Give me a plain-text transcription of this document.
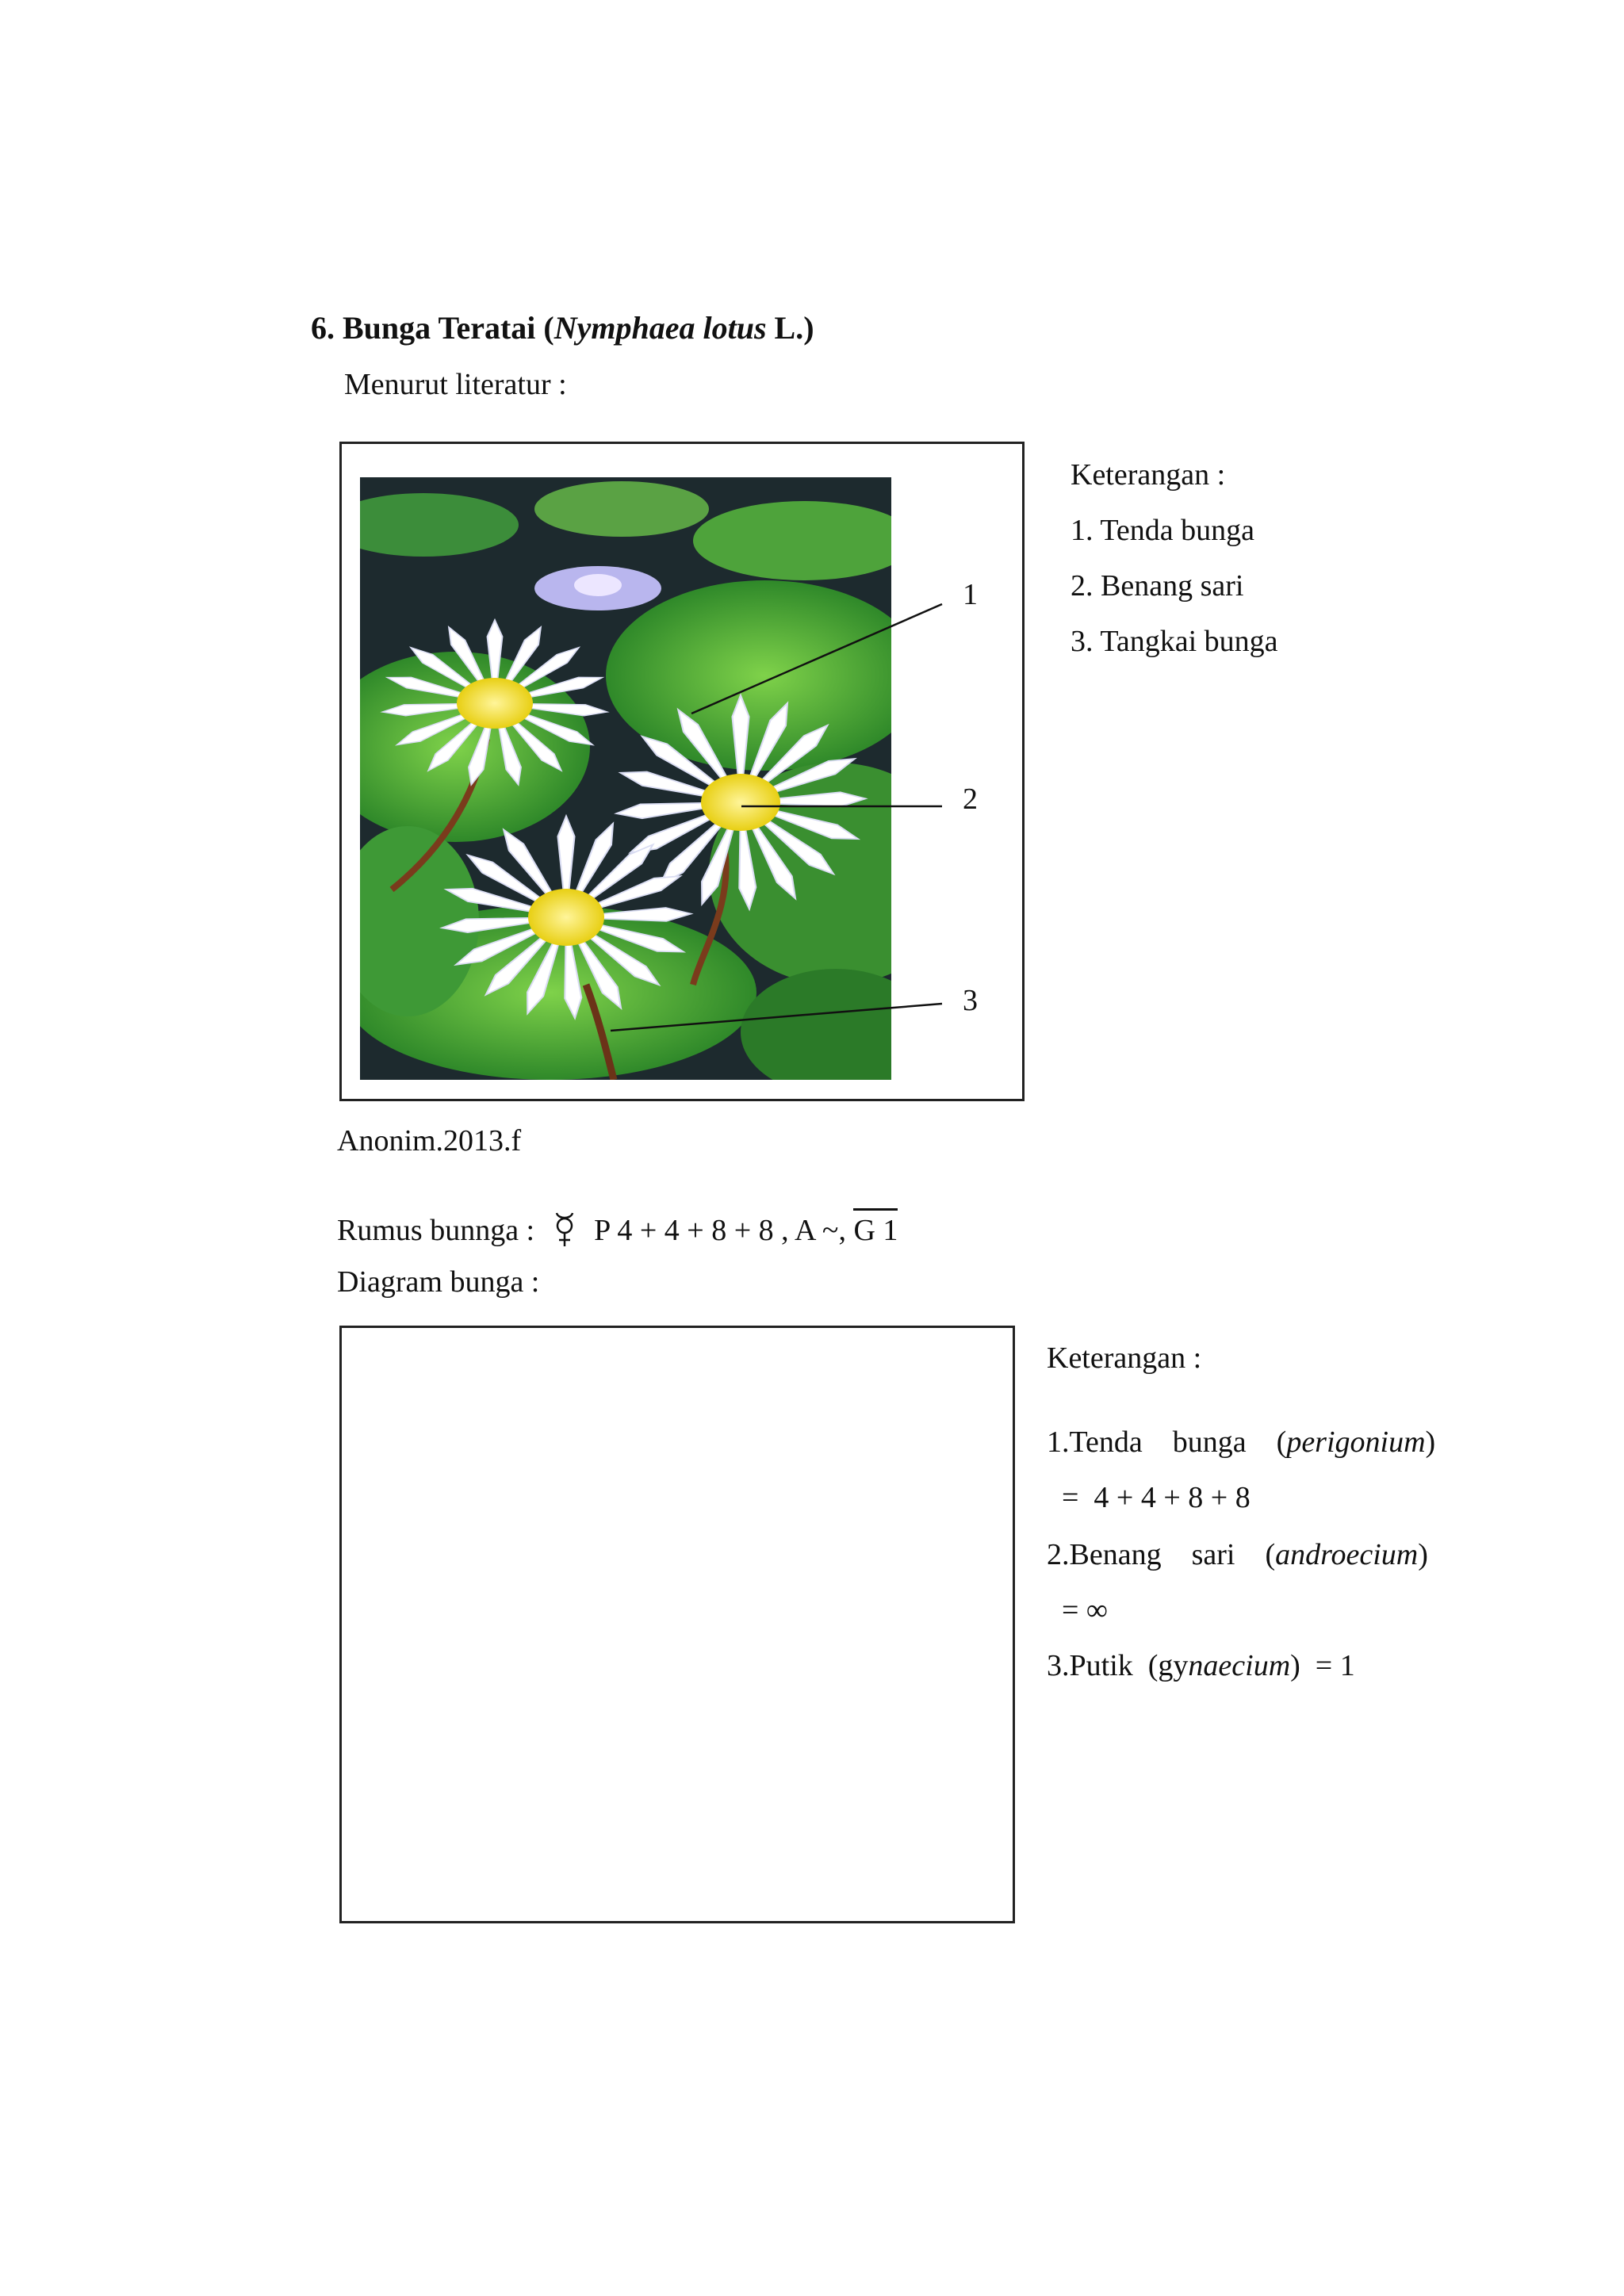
6. Bunga Teratai (Nymphaea lotus L.)
Menurut literatur :
1
2
3
Keterangan :
1. Tenda bunga
2. Benang sari
3. Tangkai bunga
Anonim.2013.f
Rumus bunnga : P 4 + 4 + 8 + 8 , A ~, G 1
Diagram bunga :
Keterangan :
1.Tenda    bunga    (perigonium)
=  4 + 4 + 8 + 8
2.Benang    sari    (androecium)
= ∞
3.Putik  (gynaecium)  = 1
